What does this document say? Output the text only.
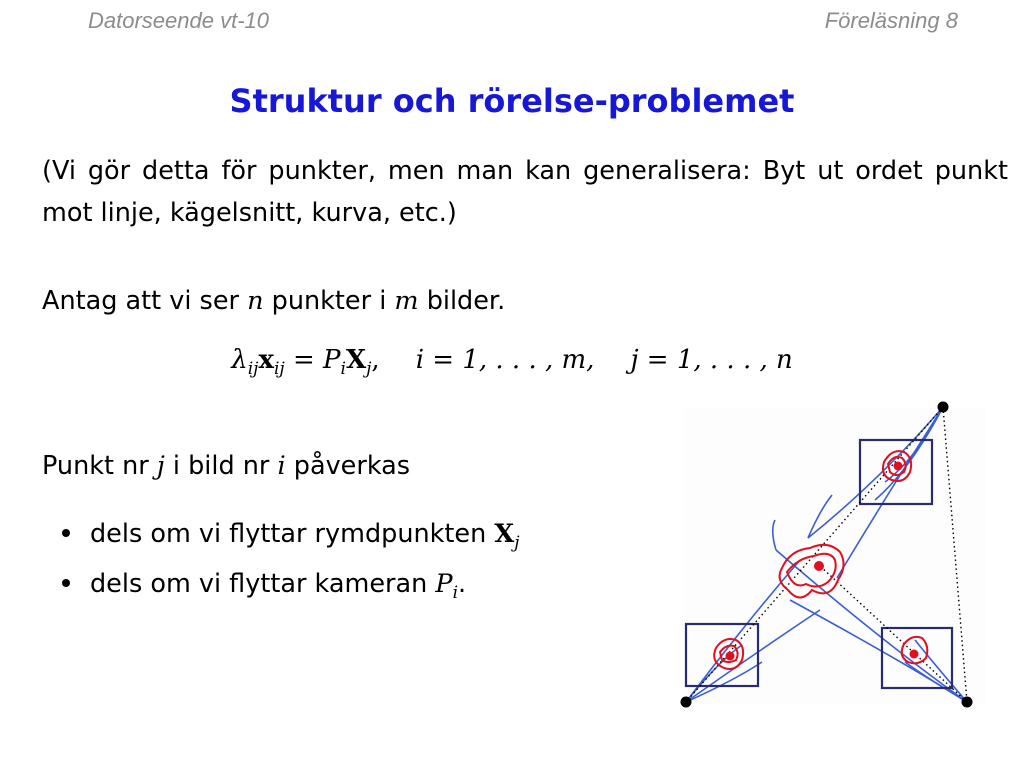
Datorseende vt-10	Föreläsning 8
Struktur och rörelse-problemet
(Vi gör detta för punkter, men man kan generalisera: Byt ut ordet punkt mot linje, kägelsnitt, kurva, etc.)
Antag att vi ser n punkter i m bilder.
$\lambda_{ij}x_{ij} = P_iX_j$, i = 1, . . . , m, j = 1, . . . , n
Punkt nr j i bild nr i påverkas
dels om vi flyttar rymdpunkten $X_j$
dels om vi flyttar kameran $P_i$.
